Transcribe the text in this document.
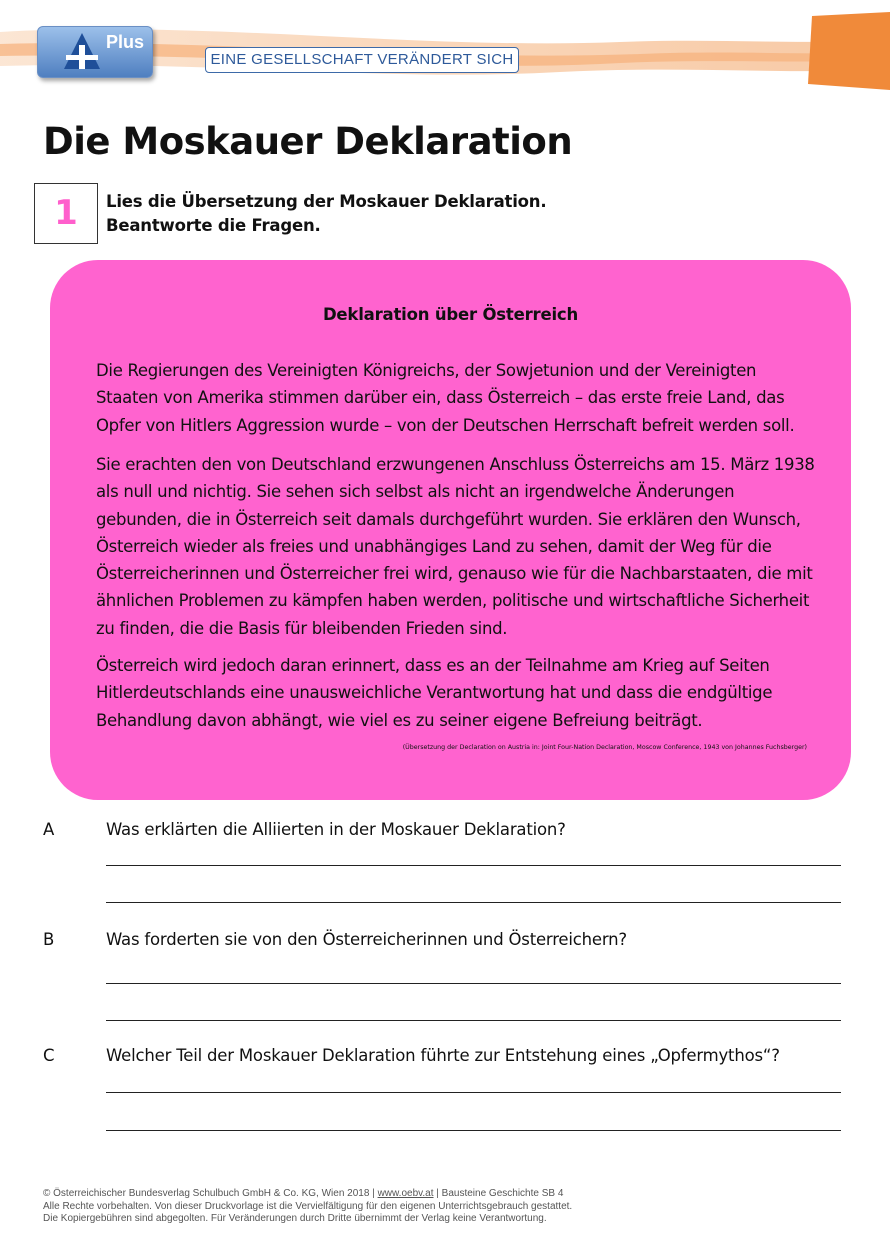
Plus
EINE GESELLSCHAFT VERÄNDERT SICH
Die Moskauer Deklaration
1	Lies die Übersetzung der Moskauer Deklaration.
Beantworte die Fragen.
Deklaration über Österreich

Die Regierungen des Vereinigten Königreichs, der Sowjetunion und der Vereinigten Staaten von Amerika stimmen darüber ein, dass Österreich – das erste freie Land, das Opfer von Hitlers Aggression wurde – von der Deutschen Herrschaft befreit werden soll.

Sie erachten den von Deutschland erzwungenen Anschluss Österreichs am 15. März 1938 als null und nichtig. Sie sehen sich selbst als nicht an irgendwelche Änderungen gebunden, die in Österreich seit damals durchgeführt wurden. Sie erklären den Wunsch, Österreich wieder als freies und unabhängiges Land zu sehen, damit der Weg für die Österreicherinnen und Österreicher frei wird, genauso wie für die Nachbarstaaten, die mit ähnlichen Problemen zu kämpfen haben werden, politische und wirtschaftliche Sicherheit zu finden, die die Basis für bleibenden Frieden sind.

Österreich wird jedoch daran erinnert, dass es an der Teilnahme am Krieg auf Seiten Hitlerdeutschlands eine unausweichliche Verantwortung hat und dass die endgültige Behandlung davon abhängt, wie viel es zu seiner eigene Befreiung beiträgt.

(Übersetzung der Declaration on Austria in: Joint Four-Nation Declaration, Moscow Conference, 1943 von Johannes Fuchsberger)
A	Was erklärten die Alliierten in der Moskauer Deklaration?
B	Was forderten sie von den Österreicherinnen und Österreichern?
C	Welcher Teil der Moskauer Deklaration führte zur Entstehung eines „Opfermythos“?
© Österreichischer Bundesverlag Schulbuch GmbH & Co. KG, Wien 2018 | www.oebv.at | Bausteine Geschichte SB 4
Alle Rechte vorbehalten. Von dieser Druckvorlage ist die Vervielfältigung für den eigenen Unterrichtsgebrauch gestattet.
Die Kopiergebühren sind abgegolten. Für Veränderungen durch Dritte übernimmt der Verlag keine Verantwortung.
